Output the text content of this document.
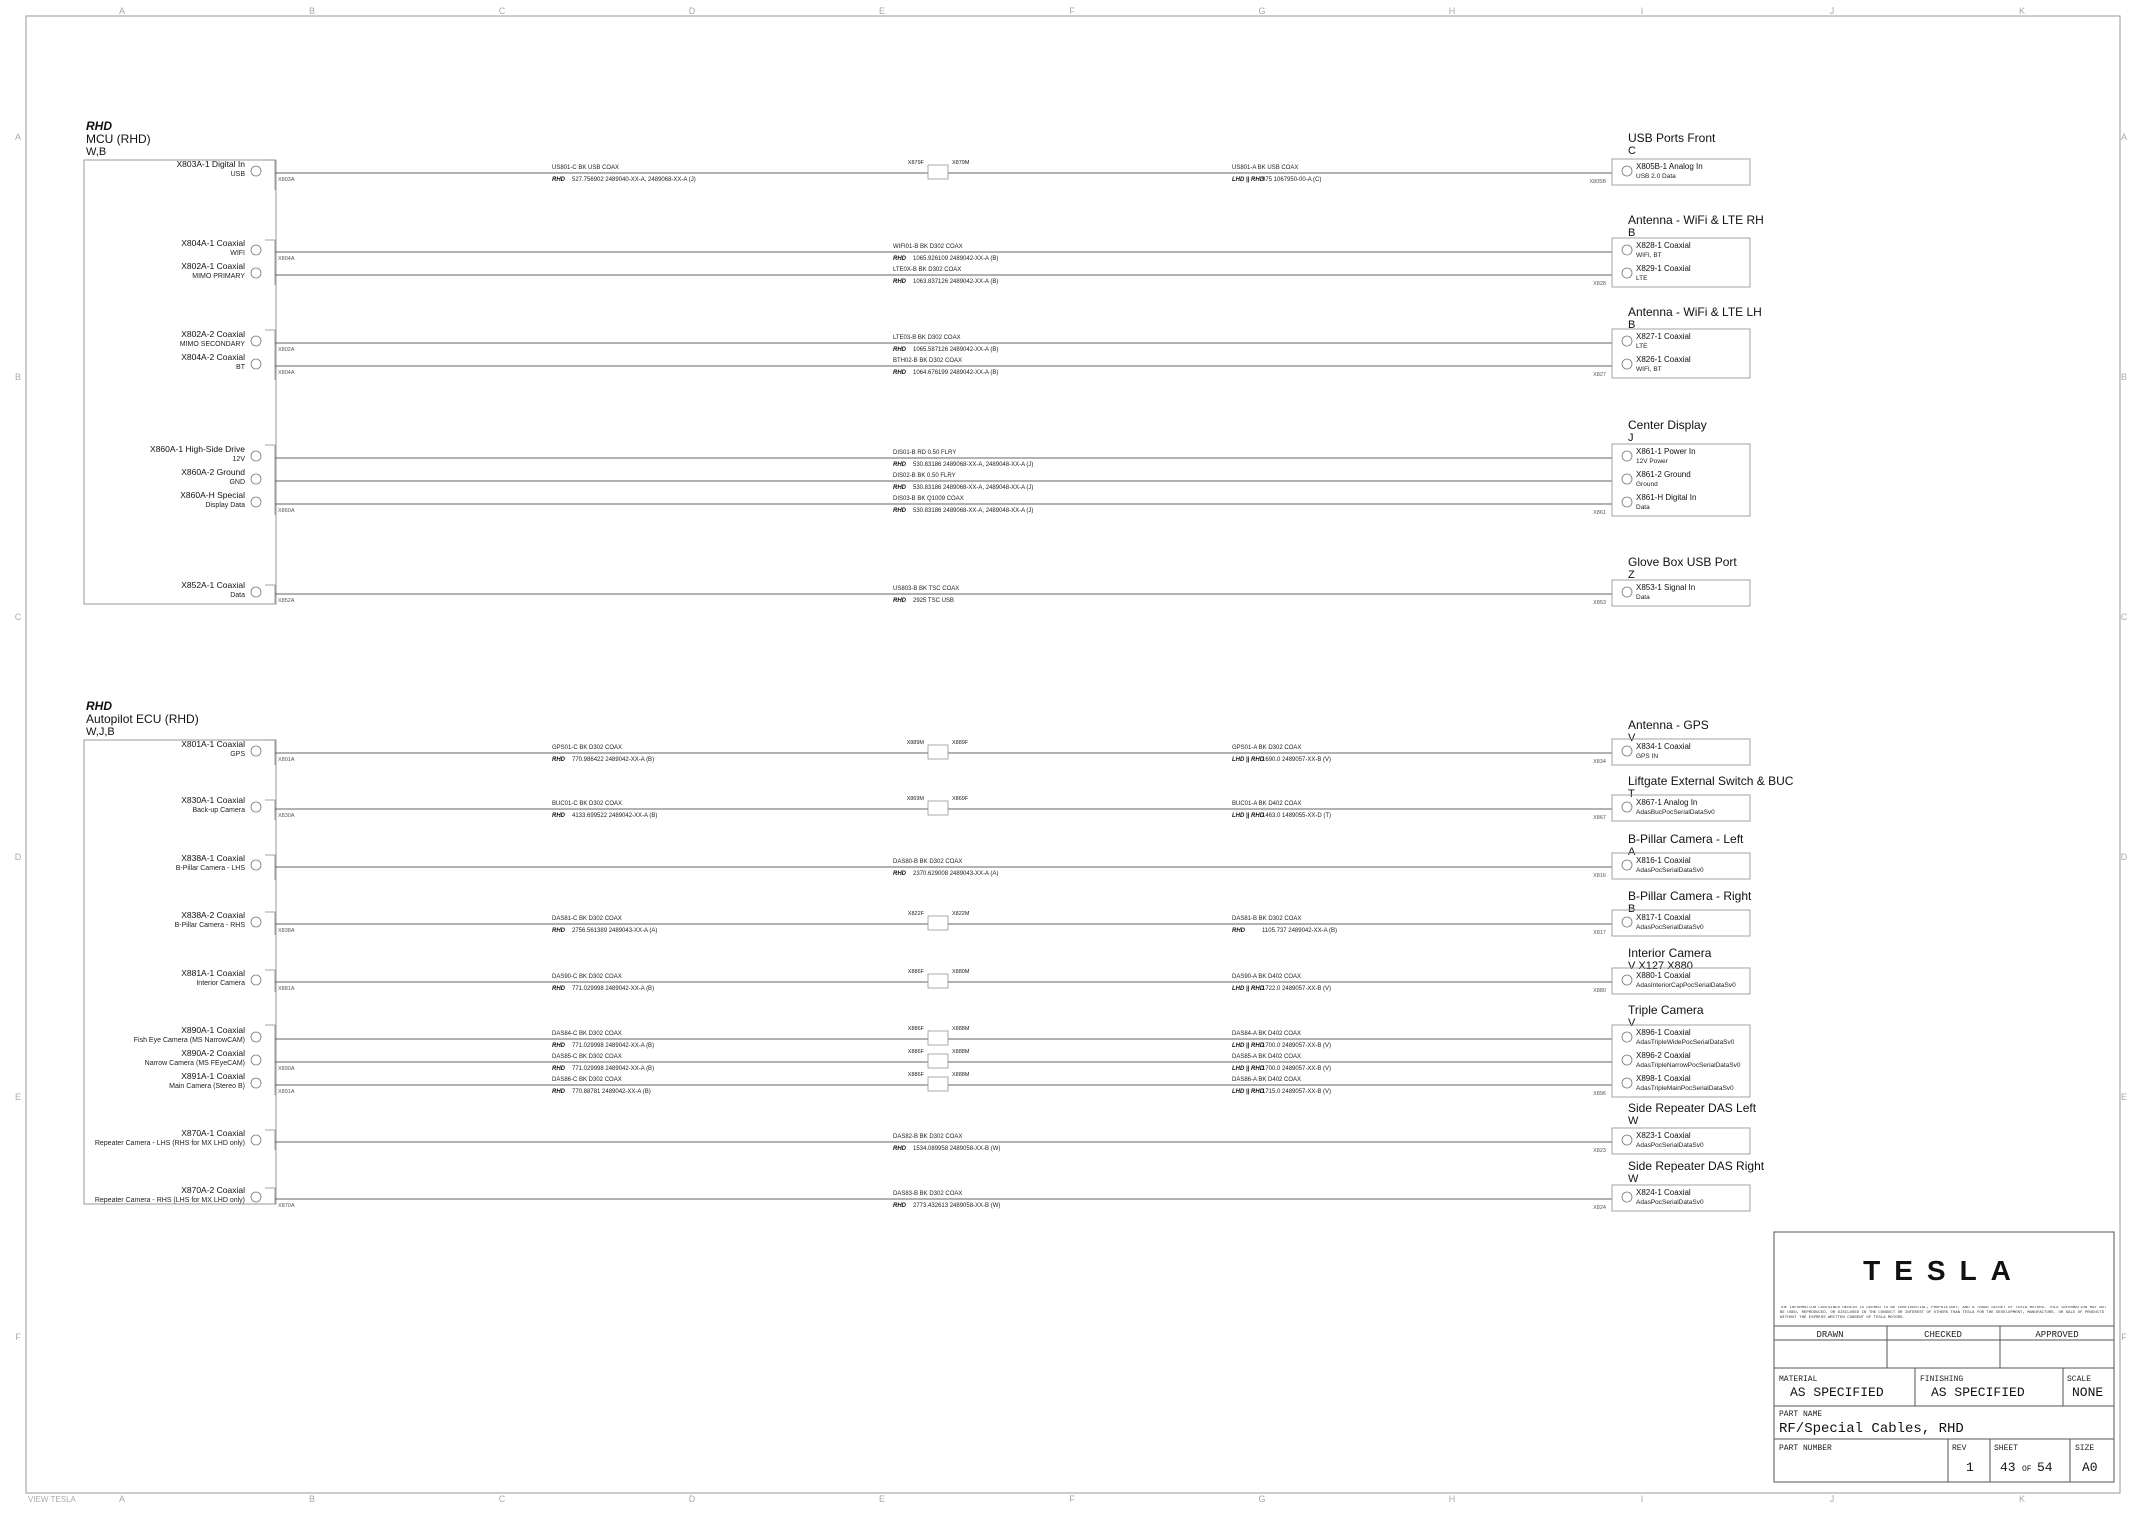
A
A
B
B
C
C
D
D
E
E
F
F
G
G
H
H
I
I
J
J
K
K
A	A
B	B
C	C
D	D
E	E
F	F
RHD
MCU (RHD)
W,B
RHD
Autopilot ECU (RHD)
W,J,B
X803A-1 Digital In
USB
X803A
X804A-1 Coaxial
WIFI
X804A
X802A-1 Coaxial
MIMO PRIMARY
X802A-2 Coaxial
MIMO SECONDARY
X802A
X804A-2 Coaxial
BT
X804A
X860A-1 High-Side Drive
12V
X860A-2 Ground
GND
X860A-H Special
Display Data
X860A
X852A-1 Coaxial
Data
X852A
X801A-1 Coaxial
GPS
X801A
X830A-1 Coaxial
Back-up Camera
X830A
X838A-1 Coaxial
B-Pillar Camera - LHS
X838A-2 Coaxial
B-Pillar Camera - RHS
X838A
X881A-1 Coaxial
Interior Camera
X881A
X890A-1 Coaxial
Fish Eye Camera (MS NarrowCAM)
X890A-2 Coaxial
Narrow Camera (MS FEyeCAM)
X890A
X891A-1 Coaxial
Main Camera (Stereo B)
X891A
X870A-1 Coaxial
Repeater Camera - LHS (RHS for MX LHD only)
X870A-2 Coaxial
Repeater Camera - RHS (LHS for MX LHD only)
X870A
X879F	X879M
US801-C BK USB COAX
RHD 527.756902 2489040-XX-A, 2489068-XX-A (J)
US801-A BK USB COAX
LHD || RHD
975 1067950-00-A (C)
WIFI01-B BK D302 COAX
RHD 1065.926109 2489042-XX-A (B)
LTE0X-B BK D302 COAX
RHD 1063.837126 2489042-XX-A (B)
LTE03-B BK D302 COAX
RHD 1065.587126 2489042-XX-A (B)
BTH02-B BK D302 COAX
RHD 1064.676199 2489042-XX-A (B)
DIS01-B RD 0.50 FLRY
RHD 530.83186 2489068-XX-A, 2489048-XX-A (J)
DIS02-B BK 0.50 FLRY
RHD 530.83186 2489068-XX-A, 2489048-XX-A (J)
DIS03-B BK Q1009 COAX
RHD 530.83186 2489068-XX-A, 2489048-XX-A (J)
US803-B BK TSC COAX
RHD 2925 TSC USB
X889M	X889F
GPS01-C BK D302 COAX
RHD 770.986422 2489042-XX-A (B)
GPS01-A BK D302 COAX
LHD || RHD
1690.0 2489057-XX-B (V)
X869M	X869F
BUC01-C BK D302 COAX
RHD 4133.699522 2489042-XX-A (B)
BUC01-A BK D402 COAX
LHD || RHD
1463.0 1489055-XX-D (T)
DAS80-B BK D302 COAX
RHD 2370.629008 2489043-XX-A (A)
X822F	X822M
DAS81-C BK D302 COAX
RHD 2756.561389 2489043-XX-A (A)
DAS81-B BK D302 COAX
RHD	1105.737 2489042-XX-A (B)
X886F	X880M
DAS90-C BK D302 COAX
RHD 771.029998 2489042-XX-A (B)
DAS90-A BK D402 COAX
LHD || RHD
1722.0 2489057-XX-B (V)
X886F	X888M
DAS84-C BK D302 COAX
RHD 771.029998 2489042-XX-A (B)
DAS84-A BK D402 COAX
LHD || RHD
1700.0 2489057-XX-B (V)
X886F	X888M
DAS85-C BK D302 COAX
RHD 771.029998 2489042-XX-A (B)
DAS85-A BK D402 COAX
LHD || RHD
1700.0 2489057-XX-B (V)
X886F	X888M
DAS86-C BK D302 COAX
RHD 770.88781 2489042-XX-A (B)
DAS86-A BK D402 COAX
LHD || RHD
1715.0 2489057-XX-B (V)
DAS82-B BK D302 COAX
RHD 1534.089958 2489058-XX-B (W)
DAS83-B BK D302 COAX
RHD 2773.432613 2489058-XX-B (W)
USB Ports Front
C
X805B
X805B-1 Analog In
USB 2.0 Data
Antenna - WiFi & LTE RH
B
X828
X828-1 Coaxial
WIFI, BT
X829-1 Coaxial
LTE
Antenna - WiFi & LTE LH
B
X827
X827-1 Coaxial
LTE
X826-1 Coaxial
WIFI, BT
Center Display
J
X861
X861-1 Power In
12V Power
X861-2 Ground
Ground
X861-H Digital In
Data
Glove Box USB Port
Z
X853
X853-1 Signal In
Data
Antenna - GPS
V
X834
X834-1 Coaxial
GPS IN
Liftgate External Switch & BUC
T
X867
X867-1 Analog In
AdasBucPocSerialDataSv0
B-Pillar Camera - Left
A
X816
X816-1 Coaxial
AdasPocSerialDataSv0
B-Pillar Camera - Right
B
X817
X817-1 Coaxial
AdasPocSerialDataSv0
Interior Camera
V X127 X880
X880
X880-1 Coaxial
AdasInteriorCapPocSerialDataSv0
Triple Camera
V
X896
X896-1 Coaxial
AdasTripleWidePocSerialDataSv0
X896-2 Coaxial
AdasTripleNarrowPocSerialDataSv0
X898-1 Coaxial
AdasTripleMainPocSerialDataSv0
Side Repeater DAS Left
W
X823
X823-1 Coaxial
AdasPocSerialDataSv0
Side Repeater DAS Right
W
X824
X824-1 Coaxial
AdasPocSerialDataSv0
TESLA
THE INFORMATION CONTAINED HEREIN IS DEEMED TO BE CONFIDENTIAL, PROPRIETARY, AND A TRADE SECRET OF TESLA MOTORS. THIS INFORMATION MAY NOT BE USED, REPRODUCED, OR DISCLOSED IN THE CONDUCT OR INTEREST OF OTHERS THAN TESLA FOR THE DEVELOPMENT, MANUFACTURE, OR SALE OF PRODUCTS WITHOUT THE EXPRESS WRITTEN CONSENT OF TESLA MOTORS.
DRAWN	CHECKED	APPROVED
MATERIAL
AS SPECIFIED
FINISHING
AS SPECIFIED
SCALE
NONE
PART NAME
RF/Special Cables, RHD
PART NUMBER	REV
1
SHEET
43 OF 54
SIZE
A0
VIEW TESLA
